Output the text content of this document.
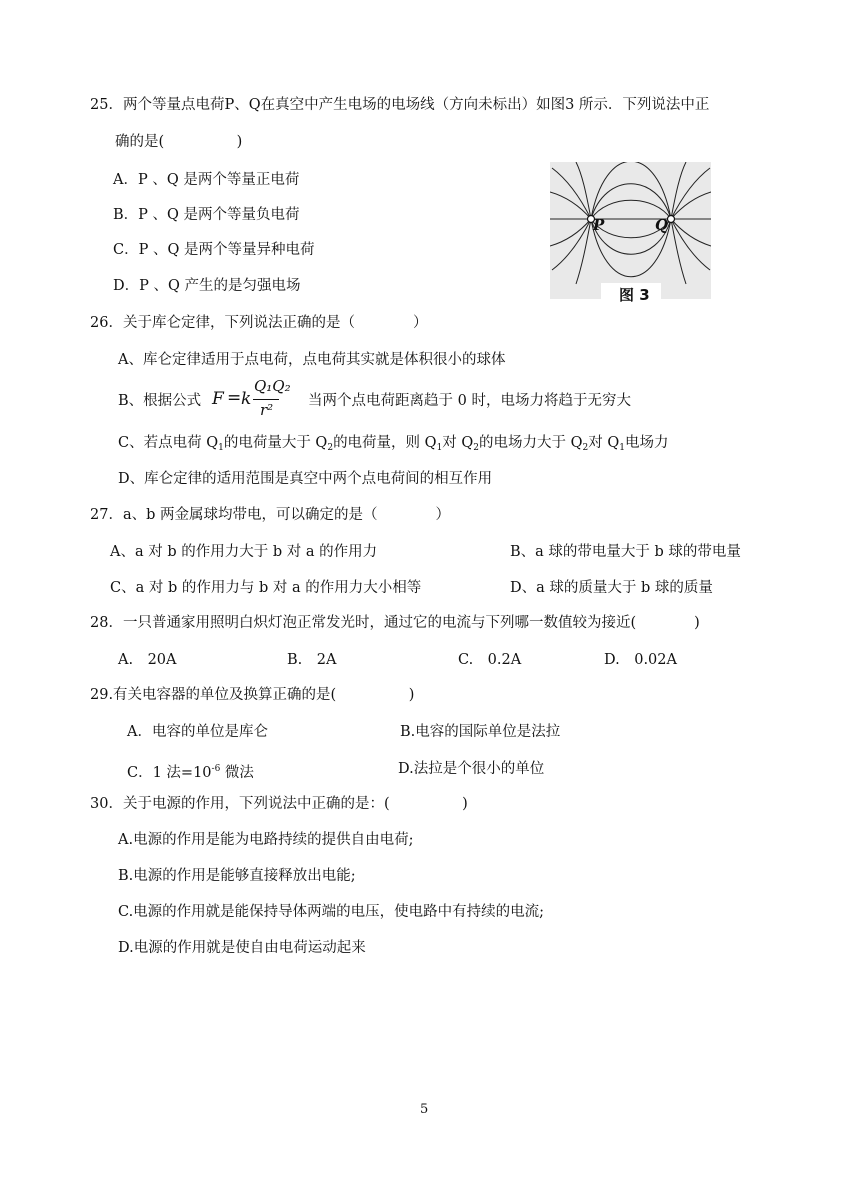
25．两个等量点电荷P、Q在真空中产生电场的电场线（方向未标出）如图3 所示．下列说法中正
确的是(　　　　　)
A．P 、Q 是两个等量正电荷
B．P 、Q 是两个等量负电荷
C．P 、Q 是两个等量异种电荷
D．P 、Q 产生的是匀强电场
P	Q
图 3
26．关于库仑定律，下列说法正确的是（　　　　）
A、库仑定律适用于点电荷，点电荷其实就是体积很小的球体
B、根据公式 F = k
Q₁Q₂
r² 当两个点电荷距离趋于 0 时，电场力将趋于无穷大
C、若点电荷 $Q_1$的电荷量大于 $Q_2$的电荷量，则 $Q_1$对 $Q_2$的电场力大于 $Q_2$对 $Q_1$电场力
D、库仑定律的适用范围是真空中两个点电荷间的相互作用
27．a、b 两金属球均带电，可以确定的是（　　　　）
A、a 对 b 的作用力大于 b 对 a 的作用力	B、a 球的带电量大于 b 球的带电量
C、a 对 b 的作用力与 b 对 a 的作用力大小相等	D、a 球的质量大于 b 球的质量
28．一只普通家用照明白炽灯泡正常发光时，通过它的电流与下列哪一数值较为接近(　　　　)
A.　20A	B.　2A	C.　0.2A	D.　0.02A
29.有关电容器的单位及换算正确的是(　　　　　)
A．电容的单位是库仑	B.电容的国际单位是法拉
C．1 法$=10^{-6}$ 微法	D.法拉是个很小的单位
30．关于电源的作用，下列说法中正确的是：(　　　　　)
A.电源的作用是能为电路持续的提供自由电荷;
B.电源的作用是能够直接释放出电能;
C.电源的作用就是能保持导体两端的电压，使电路中有持续的电流;
D.电源的作用就是使自由电荷运动起来
5
